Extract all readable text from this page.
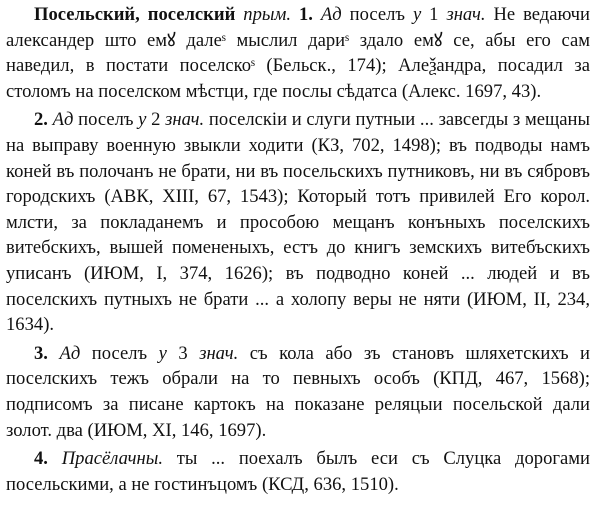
Посельский, поселский прым. 1. Ад поселъ у 1 знач. Не ведаючи александер што емꙋ далеˢ мыслил дариˢ здало емꙋ се, абы его сам наведил, в постати поселскоˢ (Бельск., 174); Алеѯандра, посадил за столомъ на поселском мѣстци, где послы сѣдатса (Алекс. 1697, 43).

2. Ад поселъ у 2 знач. поселскіи и слуги путныи ... завсегды з мещаны на выправу военную звыкли ходити (КЗ, 702, 1498); въ подводы намъ коней въ полочанъ не брати, ни въ посельскихъ путниковъ, ни въ сябровъ городскихъ (АВК, XIII, 67, 1543); Который тотъ привилей Его корол. млсти, за покладанемъ и прособою мещанъ конъныхъ поселскихъ витебскихъ, вышей помененыхъ, естъ до книгъ земскихъ витебъскихъ уписанъ (ИЮМ, I, 374, 1626); въ подводно коней ... людей и въ поселскихъ путныхъ не брати ... а холопу веры не няти (ИЮМ, II, 234, 1634).

3. Ад поселъ у 3 знач. съ кола або зъ становъ шляхетскихъ и поселскихъ тежъ обрали на то певныхъ особъ (КПД, 467, 1568); подписомъ за писане картокъ на показане реляцыи посельской дали золот. два (ИЮМ, XI, 146, 1697).

4. Прасёлачны. ты ... поехалъ былъ еси съ Слуцка дорогами посельскими, а не гостинъцомъ (КСД, 636, 1510).
